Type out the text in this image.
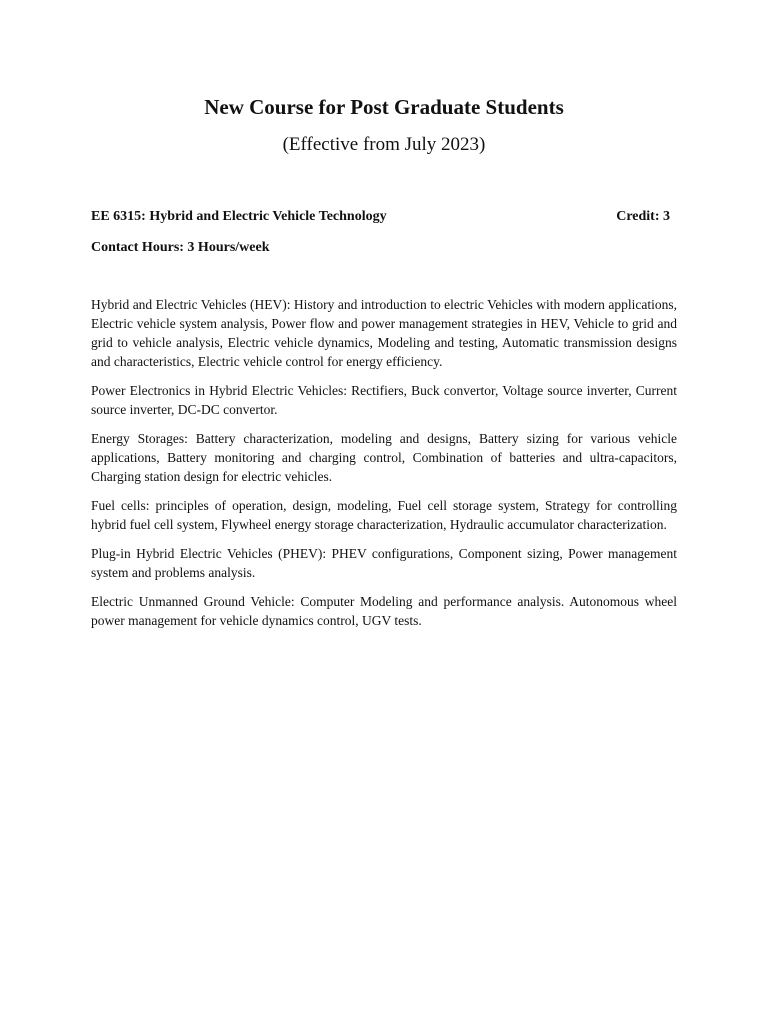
New Course for Post Graduate Students
(Effective from July 2023)
EE 6315: Hybrid and Electric Vehicle Technology	Credit: 3
Contact Hours: 3 Hours/week

Hybrid and Electric Vehicles (HEV): History and introduction to electric Vehicles with modern applications, Electric vehicle system analysis, Power flow and power management strategies in HEV, Vehicle to grid and grid to vehicle analysis, Electric vehicle dynamics, Modeling and testing, Automatic transmission designs and characteristics, Electric vehicle control for energy efficiency.

Power Electronics in Hybrid Electric Vehicles: Rectifiers, Buck convertor, Voltage source inverter, Current source inverter, DC-DC convertor.

Energy Storages: Battery characterization, modeling and designs, Battery sizing for various vehicle applications, Battery monitoring and charging control, Combination of batteries and ultra-capacitors, Charging station design for electric vehicles.

Fuel cells: principles of operation, design, modeling, Fuel cell storage system, Strategy for controlling hybrid fuel cell system, Flywheel energy storage characterization, Hydraulic accumulator characterization.

Plug-in Hybrid Electric Vehicles (PHEV): PHEV configurations, Component sizing, Power management system and problems analysis.

Electric Unmanned Ground Vehicle: Computer Modeling and performance analysis. Autonomous wheel power management for vehicle dynamics control, UGV tests.
